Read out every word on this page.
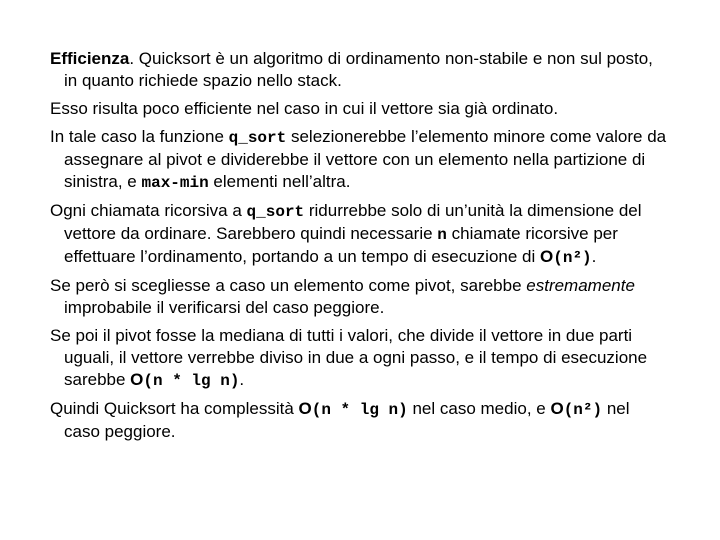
Efficienza. Quicksort è un algoritmo di ordinamento non-stabile e non sul posto, in quanto richiede spazio nello stack.

Esso risulta poco efficiente nel caso in cui il vettore sia già ordinato.

In tale caso la funzione q_sort selezionerebbe l’elemento minore come valore da assegnare al pivot e dividerebbe il vettore con un elemento nella partizione di sinistra, e max-min elementi nell’altra.

Ogni chiamata ricorsiva a q_sort ridurrebbe solo di un’unità la dimensione del vettore da ordinare. Sarebbero quindi necessarie n chiamate ricorsive per effettuare l’ordinamento, portando a un tempo di esecuzione di O(n²).

Se però si scegliesse a caso un elemento come pivot, sarebbe estremamente improbabile il verificarsi del caso peggiore.

Se poi il pivot fosse la mediana di tutti i valori, che divide il vettore in due parti uguali, il vettore verrebbe diviso in due a ogni passo, e il tempo di esecuzione sarebbe O(n * lg n).

Quindi Quicksort ha complessità O(n * lg n) nel caso medio, e O(n²) nel caso peggiore.
